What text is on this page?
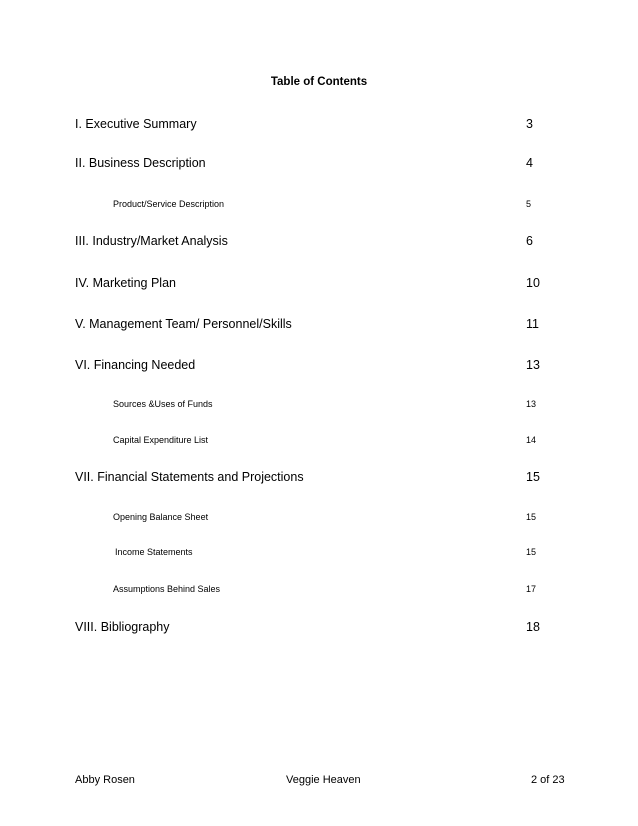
Table of Contents
I. Executive Summary	3
II. Business Description	4
Product/Service Description	5
III. Industry/Market Analysis	6
IV. Marketing Plan	10
V. Management Team/ Personnel/Skills	11
VI. Financing Needed	13
Sources &Uses of Funds	13
Capital Expenditure List	14
VII. Financial Statements and Projections	15
Opening Balance Sheet	15
Income Statements	15
Assumptions Behind Sales	17
VIII. Bibliography	18
Abby Rosen	Veggie Heaven	2 of 23
